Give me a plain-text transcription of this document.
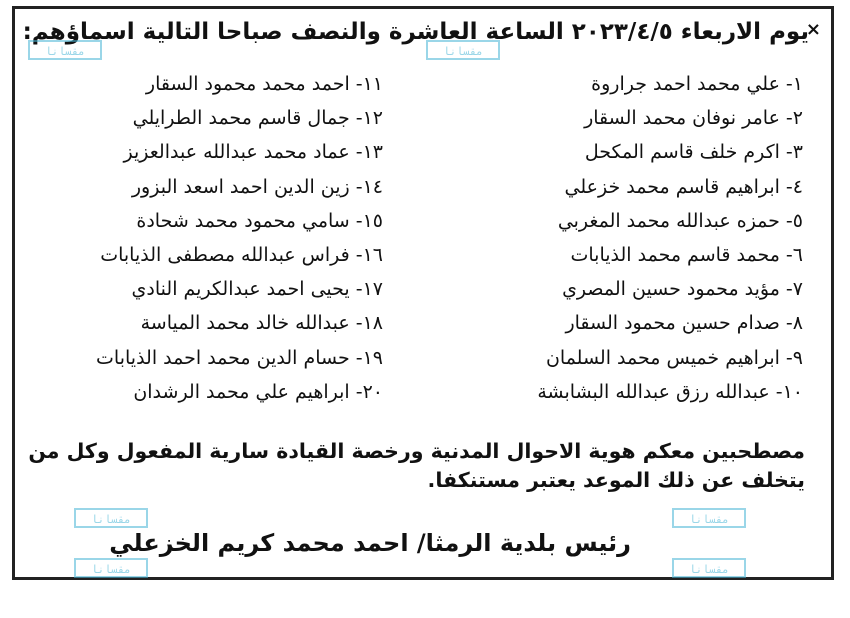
×
يوم الاربعاء ٢٠٢٣/٤/٥ الساعة العاشرة والنصف صباحا التالية اسماؤهم:
١-علي محمد احمد جراروة
٢-عامر نوفان محمد السقار
٣-اكرم خلف قاسم المكحل
٤-ابراهيم قاسم محمد خزعلي
٥-حمزه عبدالله محمد المغربي
٦-محمد قاسم محمد الذيابات
٧-مؤيد محمود حسين المصري
٨-صدام حسين محمود السقار
٩-ابراهيم خميس محمد السلمان
١٠-عبدالله رزق عبدالله البشابشة
١١-احمد محمد محمود السقار
١٢-جمال قاسم محمد الطرايلي
١٣-عماد محمد عبدالله عبدالعزيز
١٤-زين الدين احمد اسعد البزور
١٥-سامي محمود محمد شحادة
١٦-فراس عبدالله مصطفى الذيابات
١٧-يحيى احمد عبدالكريم النادي
١٨-عبدالله خالد محمد المياسة
١٩-حسام الدين محمد احمد الذيابات
٢٠-ابراهيم علي محمد الرشدان
مصطحبين معكم هوية الاحوال المدنية ورخصة القيادة سارية المفعول وكل من يتخلف عن ذلك الموعد يعتبر مستنكفا.
رئيس بلدية الرمثا/ احمد محمد كريم الخزعلي
مقسانا	مقسانا
مقسانا	مقسانا
مقسانا	مقسانا
